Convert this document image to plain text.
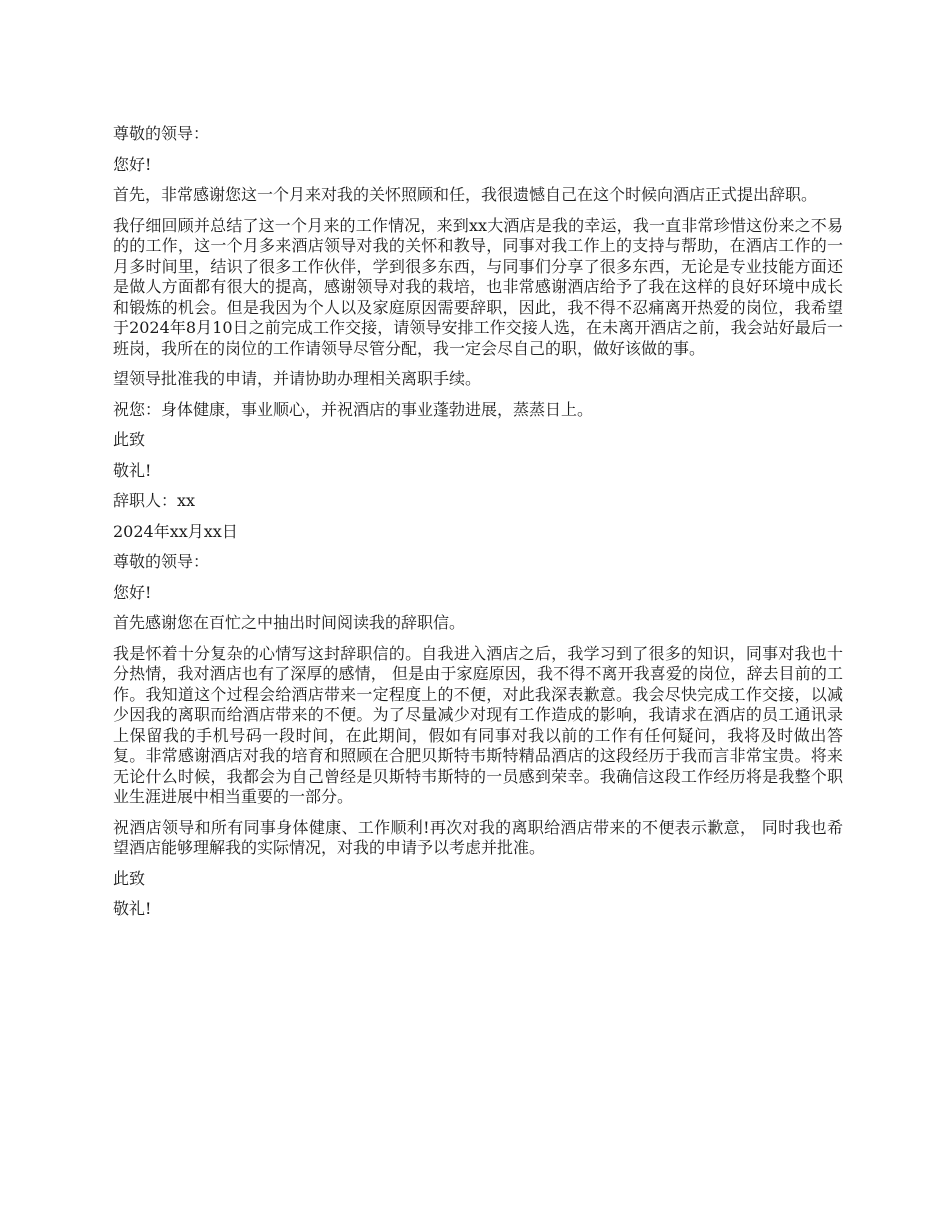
尊敬的领导：

您好!

首先，非常感谢您这一个月来对我的关怀照顾和任，我很遗憾自己在这个时候向酒店正式提出辞职。

我仔细回顾并总结了这一个月来的工作情况，来到xx大酒店是我的幸运，我一直非常珍惜这份来之不易的的工作，这一个月多来酒店领导对我的关怀和教导，同事对我工作上的支持与帮助，在酒店工作的一月多时间里，结识了很多工作伙伴，学到很多东西，与同事们分享了很多东西，无论是专业技能方面还是做人方面都有很大的提高，感谢领导对我的栽培，也非常感谢酒店给予了我在这样的良好环境中成长和锻炼的机会。但是我因为个人以及家庭原因需要辞职，因此，我不得不忍痛离开热爱的岗位，我希望于2024年8月10日之前完成工作交接，请领导安排工作交接人选，在未离开酒店之前，我会站好最后一班岗，我所在的岗位的工作请领导尽管分配，我一定会尽自己的职，做好该做的事。

望领导批准我的申请，并请协助办理相关离职手续。

祝您：身体健康，事业顺心，并祝酒店的事业蓬勃进展，蒸蒸日上。

此致

敬礼!

辞职人：xx

2024年xx月xx日

尊敬的领导：

您好!

首先感谢您在百忙之中抽出时间阅读我的辞职信。

我是怀着十分复杂的心情写这封辞职信的。自我进入酒店之后，我学习到了很多的知识，同事对我也十分热情，我对酒店也有了深厚的感情， 但是由于家庭原因，我不得不离开我喜爱的岗位，辞去目前的工作。我知道这个过程会给酒店带来一定程度上的不便，对此我深表歉意。我会尽快完成工作交接，以减少因我的离职而给酒店带来的不便。为了尽量减少对现有工作造成的影响，我请求在酒店的员工通讯录上保留我的手机号码一段时间，在此期间，假如有同事对我以前的工作有任何疑问，我将及时做出答复。非常感谢酒店对我的培育和照顾在合肥贝斯特韦斯特精品酒店的这段经历于我而言非常宝贵。将来无论什么时候，我都会为自己曾经是贝斯特韦斯特的一员感到荣幸。我确信这段工作经历将是我整个职业生涯进展中相当重要的一部分。

祝酒店领导和所有同事身体健康、工作顺利!再次对我的离职给酒店带来的不便表示歉意， 同时我也希望酒店能够理解我的实际情况，对我的申请予以考虑并批准。

此致

敬礼!
